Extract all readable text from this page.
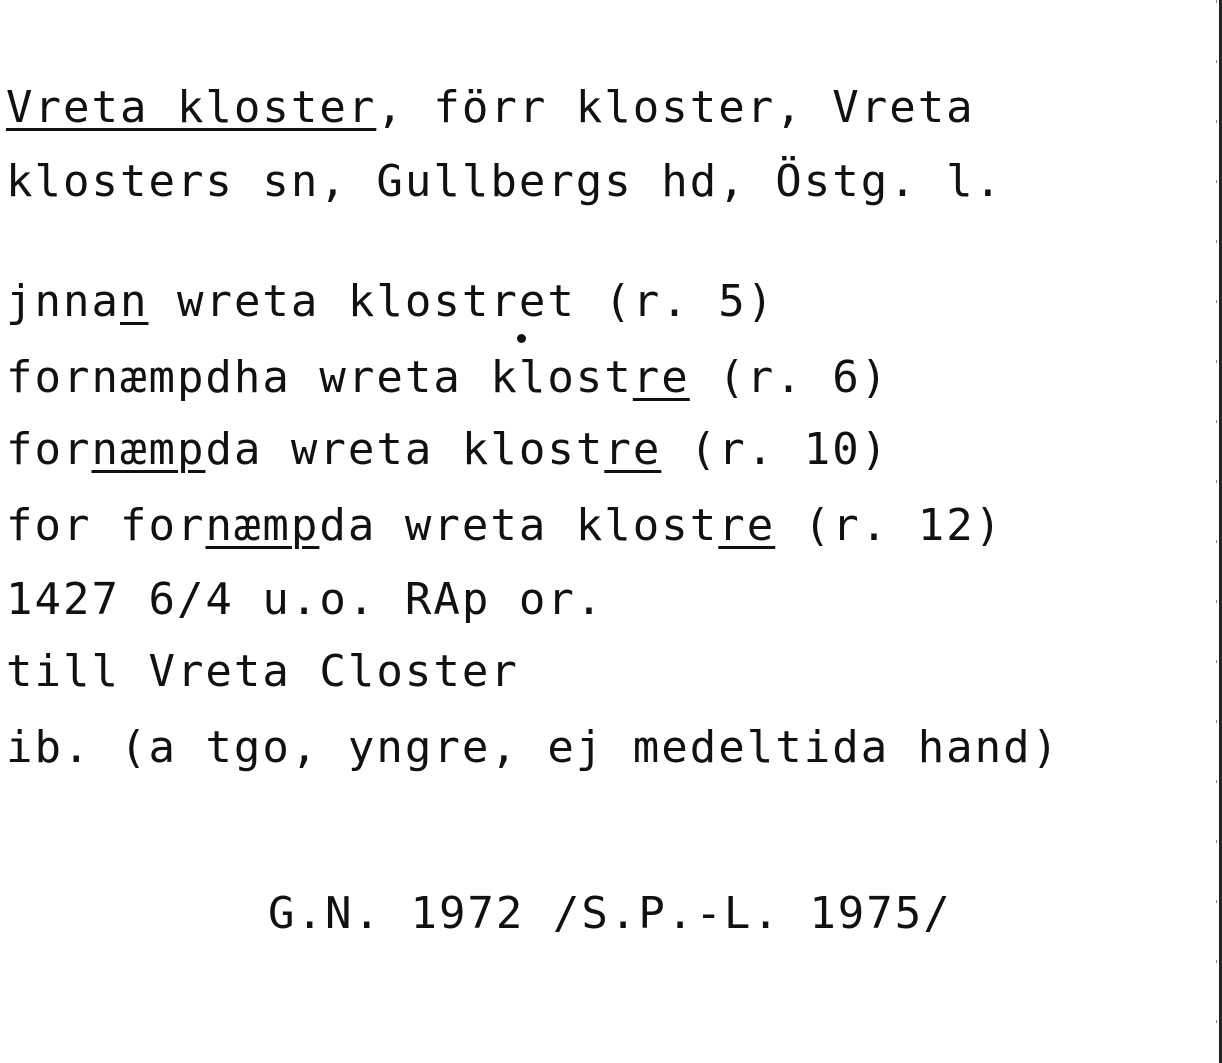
Vreta kloster, förr kloster, Vreta
klosters sn, Gullbergs hd, Östg. l.
jnnan wreta klostret (r. 5)
fornæmpdha wreta klostre (r. 6)
fornæmpda wreta klostre (r. 10)
for fornæmpda wreta klostre (r. 12)
1427 6/4 u.o. RAp or.
till Vreta Closter
ib. (a tgo, yngre, ej medeltida hand)
G.N. 1972 /S.P.-L. 1975/
